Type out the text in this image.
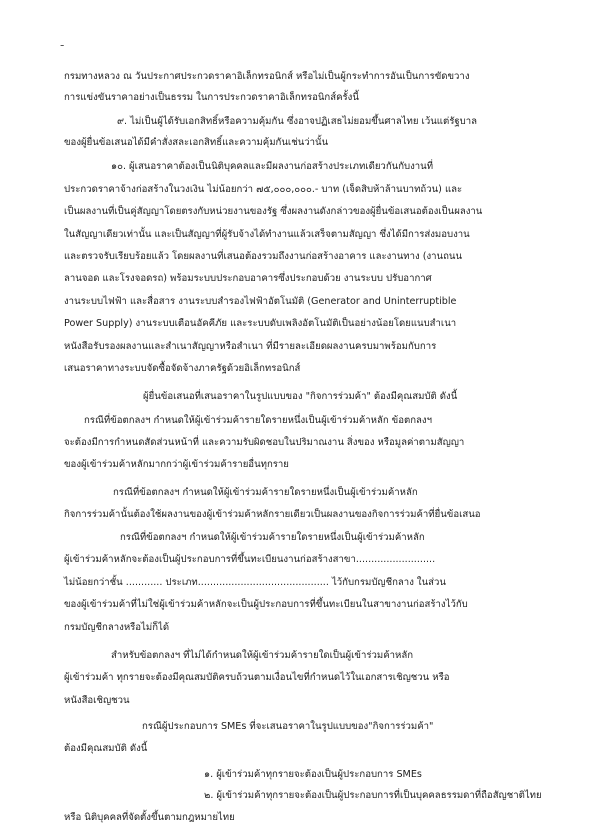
-
กรมทางหลวง ณ วันประกาศประกวดราคาอิเล็กทรอนิกส์ หรือไม่เป็นผู้กระทำการอันเป็นการขัดขวาง
การแข่งขันราคาอย่างเป็นธรรม ในการประกวดราคาอิเล็กทรอนิกส์ครั้งนี้
๙. ไม่เป็นผู้ได้รับเอกสิทธิ์หรือความคุ้มกัน ซึ่งอาจปฏิเสธไม่ยอมขึ้นศาลไทย เว้นแต่รัฐบาล
ของผู้ยื่นข้อเสนอได้มีคำสั่งสละเอกสิทธิ์และความคุ้มกันเช่นว่านั้น
๑๐. ผู้เสนอราคาต้องเป็นนิติบุคคลและมีผลงานก่อสร้างประเภทเดียวกันกับงานที่
ประกวดราคาจ้างก่อสร้างในวงเงิน ไม่น้อยกว่า ๗๕,๐๐๐,๐๐๐.- บาท (เจ็ดสิบห้าล้านบาทถ้วน) และ
เป็นผลงานที่เป็นคู่สัญญาโดยตรงกับหน่วยงานของรัฐ ซึ่งผลงานดังกล่าวของผู้ยื่นข้อเสนอต้องเป็นผลงาน
ในสัญญาเดียวเท่านั้น และเป็นสัญญาที่ผู้รับจ้างได้ทำงานแล้วเสร็จตามสัญญา ซึ่งได้มีการส่งมอบงาน
และตรวจรับเรียบร้อยแล้ว โดยผลงานที่เสนอต้องรวมถึงงานก่อสร้างอาคาร และงานทาง (งานถนน
ลานจอด และโรงจอดรถ) พร้อมระบบประกอบอาคารซึ่งประกอบด้วย งานระบบ ปรับอากาศ
งานระบบไฟฟ้า และสื่อสาร งานระบบสำรองไฟฟ้าอัตโนมัติ (Generator and Uninterruptible
Power Supply) งานระบบเตือนอัคคีภัย และระบบดับเพลิงอัตโนมัติเป็นอย่างน้อยโดยแนบสำเนา
หนังสือรับรองผลงานและสำเนาสัญญาหรือสำเนา ที่มีรายละเอียดผลงานครบมาพร้อมกับการ
เสนอราคาทางระบบจัดซื้อจัดจ้างภาครัฐด้วยอิเล็กทรอนิกส์
ผู้ยื่นข้อเสนอที่เสนอราคาในรูปแบบของ "กิจการร่วมค้า" ต้องมีคุณสมบัติ ดังนี้
กรณีที่ข้อตกลงฯ กำหนดให้ผู้เข้าร่วมค้ารายใดรายหนึ่งเป็นผู้เข้าร่วมค้าหลัก ข้อตกลงฯ
จะต้องมีการกำหนดสัดส่วนหน้าที่ และความรับผิดชอบในปริมาณงาน สิ่งของ หรือมูลค่าตามสัญญา
ของผู้เข้าร่วมค้าหลักมากกว่าผู้เข้าร่วมค้ารายอื่นทุกราย
กรณีที่ข้อตกลงฯ กำหนดให้ผู้เข้าร่วมค้ารายใดรายหนึ่งเป็นผู้เข้าร่วมค้าหลัก
กิจการร่วมค้านั้นต้องใช้ผลงานของผู้เข้าร่วมค้าหลักรายเดียวเป็นผลงานของกิจการร่วมค้าที่ยื่นข้อเสนอ
กรณีที่ข้อตกลงฯ กำหนดให้ผู้เข้าร่วมค้ารายใดรายหนึ่งเป็นผู้เข้าร่วมค้าหลัก
ผู้เข้าร่วมค้าหลักจะต้องเป็นผู้ประกอบการที่ขึ้นทะเบียนงานก่อสร้างสาขา..........................
ไม่น้อยกว่าชั้น ............ ประเภท........................................... ไว้กับกรมบัญชีกลาง ในส่วน
ของผู้เข้าร่วมค้าที่ไม่ใช่ผู้เข้าร่วมค้าหลักจะเป็นผู้ประกอบการที่ขึ้นทะเบียนในสาขางานก่อสร้างไว้กับ
กรมบัญชีกลางหรือไม่ก็ได้
สำหรับข้อตกลงฯ ที่ไม่ได้กำหนดให้ผู้เข้าร่วมค้ารายใดเป็นผู้เข้าร่วมค้าหลัก
ผู้เข้าร่วมค้า ทุกรายจะต้องมีคุณสมบัติครบถ้วนตามเงื่อนไขที่กำหนดไว้ในเอกสารเชิญชวน หรือ
หนังสือเชิญชวน
กรณีผู้ประกอบการ SMEs ที่จะเสนอราคาในรูปแบบของ"กิจการร่วมค้า"
ต้องมีคุณสมบัติ ดังนี้
๑. ผู้เข้าร่วมค้าทุกรายจะต้องเป็นผู้ประกอบการ SMEs
๒. ผู้เข้าร่วมค้าทุกรายจะต้องเป็นผู้ประกอบการที่เป็นบุคคลธรรมดาที่ถือสัญชาติไทย
หรือ นิติบุคคลที่จัดตั้งขึ้นตามกฎหมายไทย
